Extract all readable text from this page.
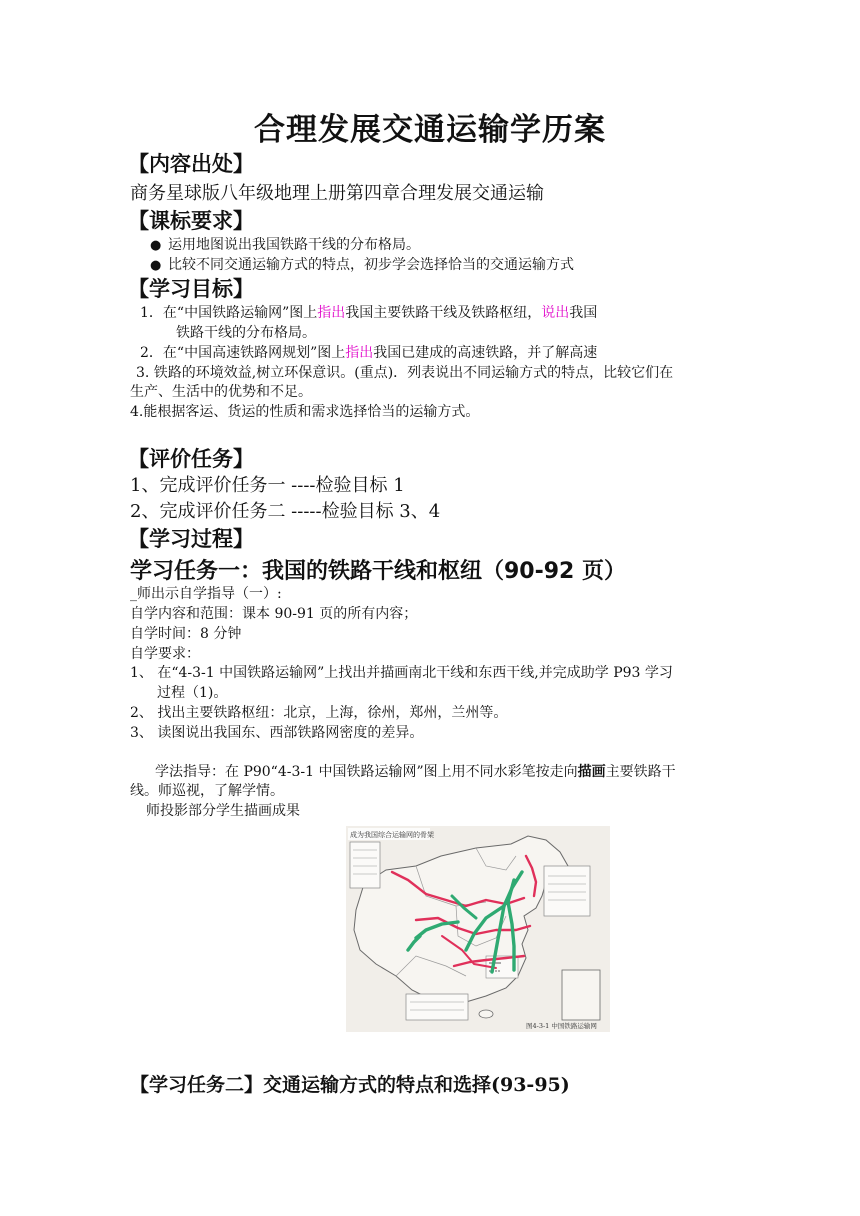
合理发展交通运输学历案
【内容出处】
商务星球版八年级地理上册第四章合理发展交通运输
【课标要求】
● 运用地图说出我国铁路干线的分布格局。
● 比较不同交通运输方式的特点，初步学会选择恰当的交通运输方式
【学习目标】
1．在“中国铁路运输网”图上指出我国主要铁路干线及铁路枢纽，说出我国
铁路干线的分布格局。
2．在“中国高速铁路网规划”图上指出我国已建成的高速铁路，并了解高速
3. 铁路的环境效益,树立环保意识。(重点)．列表说出不同运输方式的特点，比较它们在
生产、生活中的优势和不足。
4.能根据客运、货运的性质和需求选择恰当的运输方式。
【评价任务】
1、完成评价任务一 ----检验目标 1
2、完成评价任务二 -----检验目标 3、4
【学习过程】
学习任务一：我国的铁路干线和枢纽（90-92 页）
_师出示自学指导（一）:
自学内容和范围：课本 90-91 页的所有内容；
自学时间：8 分钟
自学要求：
1、 在“4-3-1 中国铁路运输网”上找出并描画南北干线和东西干线,并完成助学 P93 学习
过程（1)。
2、 找出主要铁路枢纽：北京，上海，徐州，郑州，兰州等。
3、 读图说出我国东、西部铁路网密度的差异。
学法指导：在 P90“4-3-1 中国铁路运输网”图上用不同水彩笔按走向描画主要铁路干
线。师巡视，了解学情。
师投影部分学生描画成果
成为我国综合运输网的骨架
图4-3-1 中国铁路运输网
【学习任务二】交通运输方式的特点和选择(93-95)
